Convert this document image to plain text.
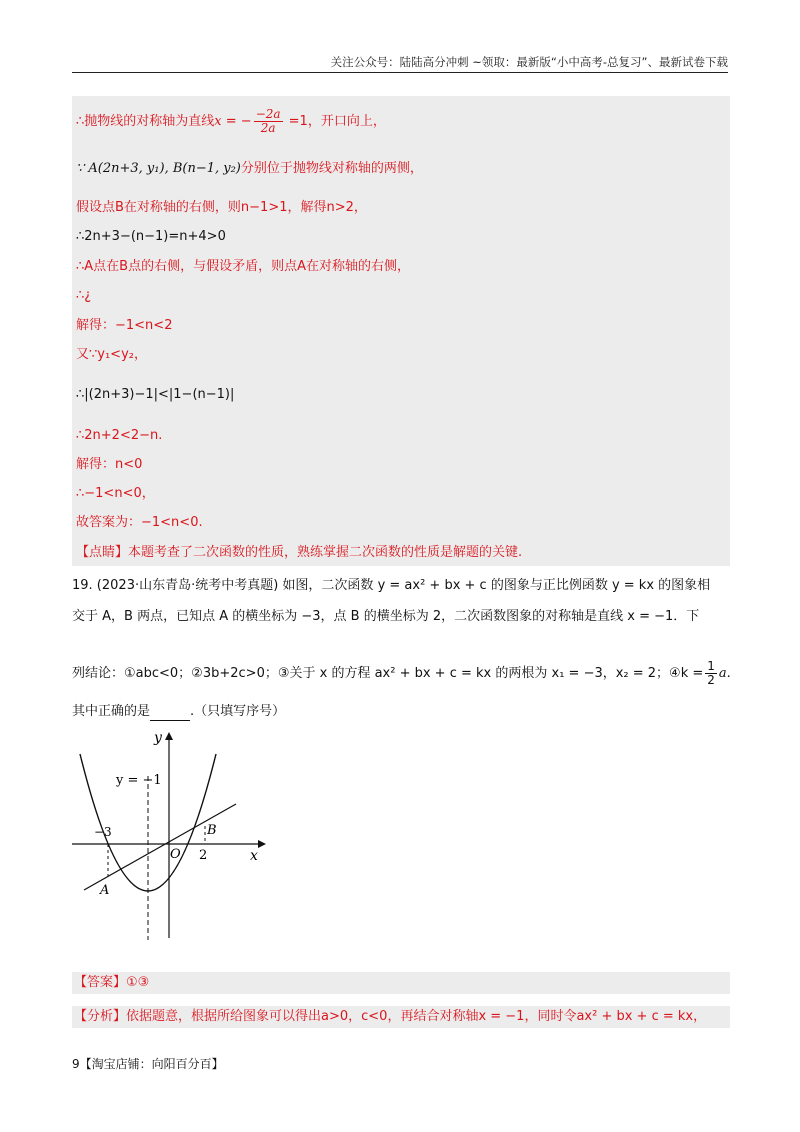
关注公众号：陆陆高分冲刺 ~领取：最新版“小中高考-总复习”、最新试卷下载
∴抛物线的对称轴为直线x = − $\frac{-2a}{2a} =1$，开口向上，
∵ A(2n+3, y₁), B(n−1, y₂)分别位于抛物线对称轴的两侧，
假设点B在对称轴的右侧，则n−1>1，解得n>2，
∴2n+3−(n−1)=n+4>0
∴A点在B点的右侧，与假设矛盾，则点A在对称轴的右侧，
∴¿
解得：−1<n<2
又∵y₁<y₂，
∴|(2n+3)−1|<|1−(n−1)|
∴2n+2<2−n.
解得：n<0
∴−1<n<0，
故答案为：−1<n<0.
【点睛】本题考查了二次函数的性质，熟练掌握二次函数的性质是解题的关键.
19. (2023·山东青岛·统考中考真题) 如图，二次函数 y = ax² + bx + c 的图象与正比例函数 y = kx 的图象相
交于 A，B 两点，已知点 A 的横坐标为 −3，点 B 的横坐标为 2，二次函数图象的对称轴是直线 x = −1．下
列结论：①abc<0；②3b+2c>0；③关于 x 的方程 ax² + bx + c = kx 的两根为 x₁ = −3，x₂ = 2；④k = $\frac{1}{2} a$.
其中正确的是	.（只填写序号）
y
x
y = −1
−3
O 2
A
B
【答案】①③
【分析】依据题意，根据所给图象可以得出a>0，c<0，再结合对称轴x = −1，同时令ax² + bx + c = kx，
9【淘宝店铺：向阳百分百】
